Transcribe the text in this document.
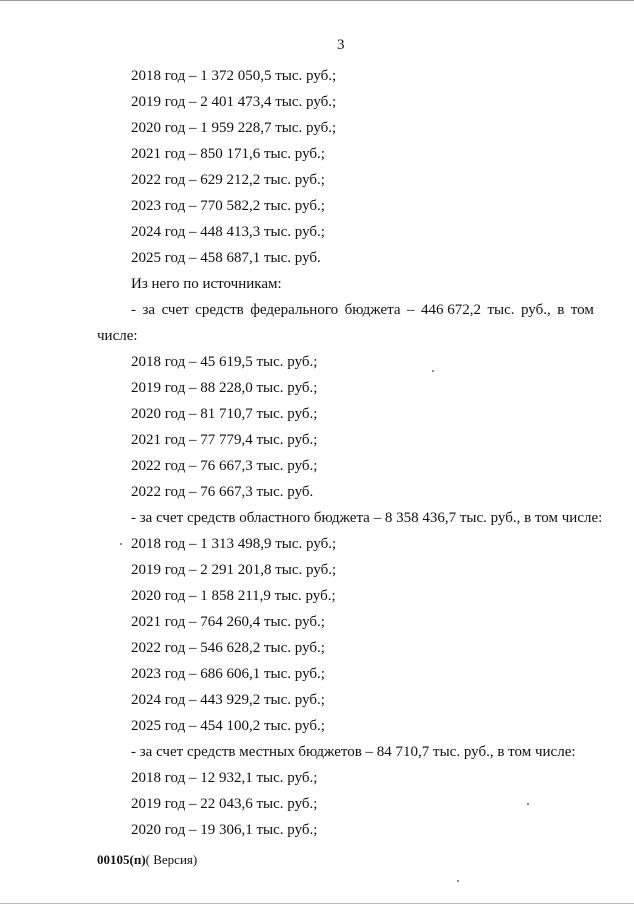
3
2018 год – 1 372 050,5 тыс. руб.;
2019 год – 2 401 473,4 тыс. руб.;
2020 год – 1 959 228,7 тыс. руб.;
2021 год – 850 171,6 тыс. руб.;
2022 год – 629 212,2 тыс. руб.;
2023 год – 770 582,2 тыс. руб.;
2024 год – 448 413,3 тыс. руб.;
2025 год – 458 687,1 тыс. руб.
Из него по источникам:
- за счет средств федерального бюджета – 446 672,2 тыс. руб., в том
числе:
2018 год – 45 619,5 тыс. руб.;
2019 год – 88 228,0 тыс. руб.;
2020 год – 81 710,7 тыс. руб.;
2021 год – 77 779,4 тыс. руб.;
2022 год – 76 667,3 тыс. руб.;
2022 год – 76 667,3 тыс. руб.
- за счет средств областного бюджета – 8 358 436,7 тыс. руб., в том числе:
2018 год – 1 313 498,9 тыс. руб.;
2019 год – 2 291 201,8 тыс. руб.;
2020 год – 1 858 211,9 тыс. руб.;
2021 год – 764 260,4 тыс. руб.;
2022 год – 546 628,2 тыс. руб.;
2023 год – 686 606,1 тыс. руб.;
2024 год – 443 929,2 тыс. руб.;
2025 год – 454 100,2 тыс. руб.;
- за счет средств местных бюджетов – 84 710,7 тыс. руб., в том числе:
2018 год – 12 932,1 тыс. руб.;
2019 год – 22 043,6 тыс. руб.;
2020 год – 19 306,1 тыс. руб.;
00105(п)( Версия)
